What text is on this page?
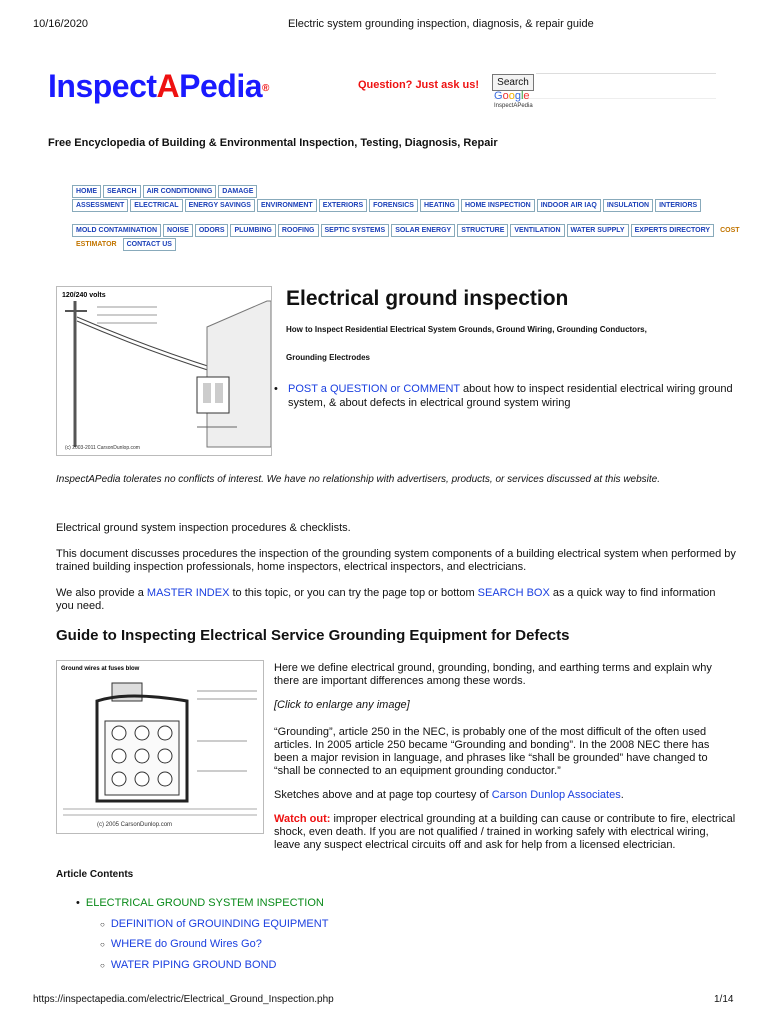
10/16/2020	Electric system grounding inspection, diagnosis, & repair guide
InspectAPedia®	Question? Just ask us!	Search
Google
InspectAPedia
Free Encyclopedia of Building & Environmental Inspection, Testing, Diagnosis, Repair
HOME	SEARCH	AIR CONDITIONING	DAMAGE
ASSESSMENT	ELECTRICAL	ENERGY SAVINGS	ENVIRONMENT	EXTERIORS	FORENSICS	HEATING	HOME INSPECTION	INDOOR AIR IAQ	INSULATION	INTERIORS
MOLD CONTAMINATION	NOISE	ODORS	PLUMBING	ROOFING	SEPTIC SYSTEMS	SOLAR ENERGY	STRUCTURE	VENTILATION	WATER SUPPLY	EXPERTS DIRECTORY	COST
ESTIMATOR	CONTACT US
120/240 volts
(c) 2003-2011 CarsonDunlop.com
Electrical ground inspection
How to Inspect Residential Electrical System Grounds, Ground Wiring, Grounding Conductors,
Grounding Electrodes
• POST a QUESTION or COMMENT about how to inspect residential electrical wiring ground system, & about defects in electrical ground system wiring
InspectAPedia tolerates no conflicts of interest. We have no relationship with advertisers, products, or services discussed at this website.
Electrical ground system inspection procedures & checklists.
This document discusses procedures the inspection of the grounding system components of a building electrical system when performed by trained building inspection professionals, home inspectors, electrical inspectors, and electricians.
We also provide a MASTER INDEX to this topic, or you can try the page top or bottom SEARCH BOX as a quick way to find information you need.
Guide to Inspecting Electrical Service Grounding Equipment for Defects
Ground wires at fuses blow
(c) 2005 CarsonDunlop.com
Here we define electrical ground, grounding, bonding, and earthing terms and explain why there are important differences among these words.
[Click to enlarge any image]
“Grounding”, article 250 in the NEC, is probably one of the most difficult of the often used articles. In 2005 article 250 became “Grounding and bonding”. In the 2008 NEC there has been a major revision in language, and phrases like “shall be grounded” have changed to “shall be connected to an equipment grounding conductor.”
Sketches above and at page top courtesy of Carson Dunlop Associates.
Watch out: improper electrical grounding at a building can cause or contribute to fire, electrical shock, even death. If you are not qualified / trained in working safely with electrical wiring, leave any suspect electrical circuits off and ask for help from a licensed electrician.
Article Contents
• ELECTRICAL GROUND SYSTEM INSPECTION
○ DEFINITION of GROUINDING EQUIPMENT
○ WHERE do Ground Wires Go?
○ WATER PIPING GROUND BOND
https://inspectapedia.com/electric/Electrical_Ground_Inspection.php	1/14
